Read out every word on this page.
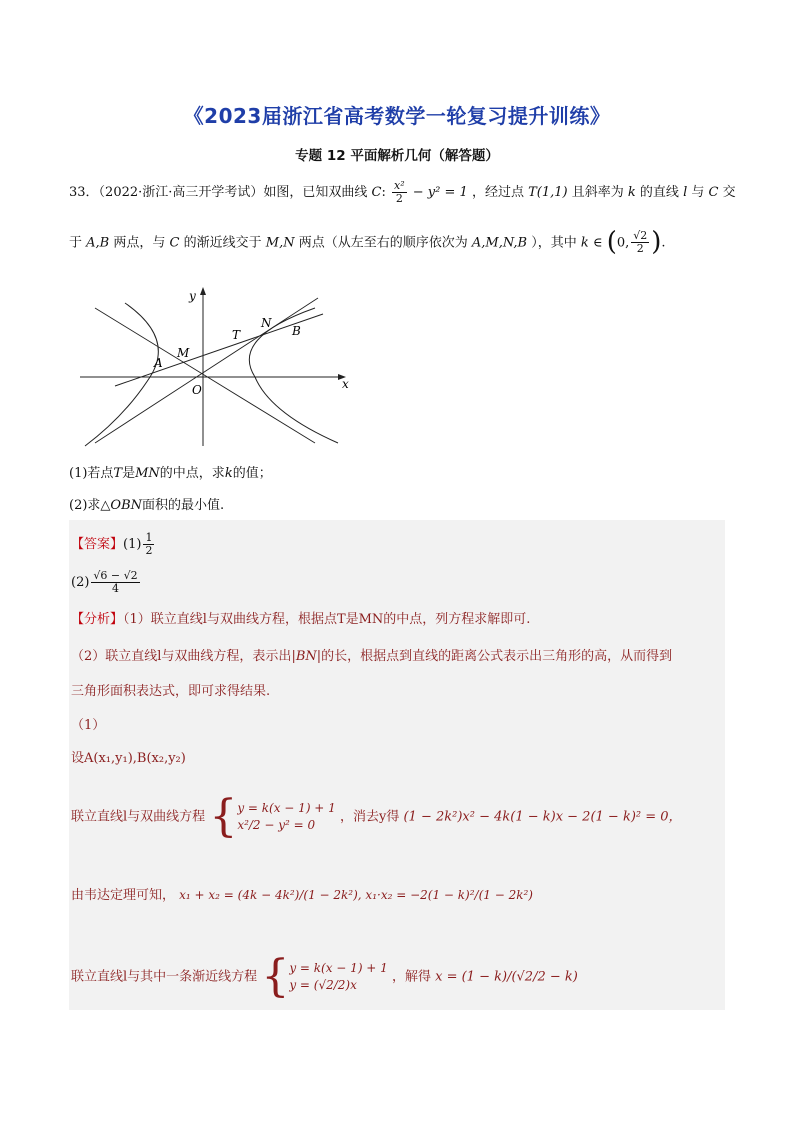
《2023届浙江省高考数学一轮复习提升训练》
专题 12 平面解析几何（解答题）
33．（2022·浙江·高三开学考试）如图，已知双曲线 C: $\frac{\text{x²}}{2} - y^2 = 1$ ，经过点 T(1,1) 且斜率为 k 的直线 l 与 C 交
于 A,B 两点，与 C 的渐近线交于 M,N 两点（从左至右的顺序依次为 A,M,N,B ），其中 k ∈ (0, $\frac{√2}{2}$ ).
y
x
O
A
M
T
N
B
(1)若点T是MN的中点，求k的值；
(2)求△OBN面积的最小值.
【答案】$(1) \frac{1}{2}$
$(2) \frac{√6 - √2}{4}$
【分析】（1）联立直线l与双曲线方程，根据点T是MN的中点，列方程求解即可.
（2）联立直线l与双曲线方程，表示出|BN|的长，根据点到直线的距离公式表示出三角形的高，从而得到
三角形面积表达式，即可求得结果.
（1）
设A(x₁,y₁),B(x₂,y₂)
联立直线l与双曲线方程 {y = k(x − 1) + 1
x²/2 − y² = 0 ，消去y得 (1 − 2k²)x² − 4k(1 − k)x − 2(1 − k)² = 0，
由韦达定理可知， x₁ + x₂ = (4k − 4k²)/(1 − 2k²), x₁·x₂ = −2(1 − k)²/(1 − 2k²)
联立直线l与其中一条渐近线方程 {y = k(x − 1) + 1
y = (√2/2)x ，解得 x = (1 − k)/(√2/2 − k)
